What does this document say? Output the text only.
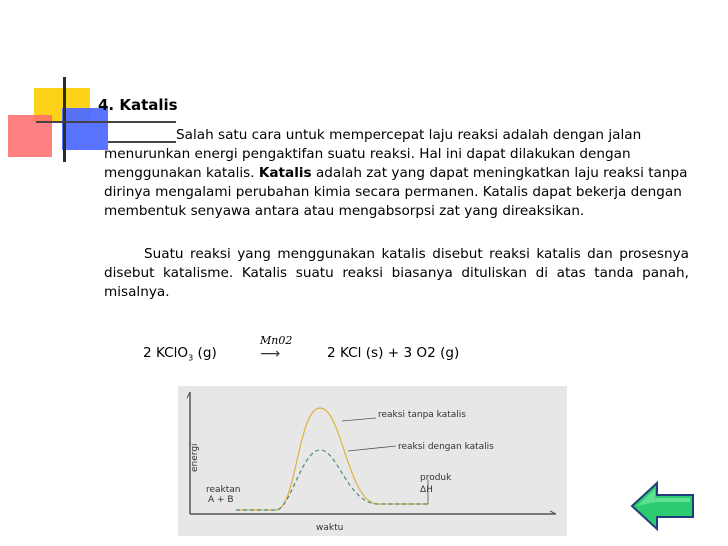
4. Katalis
Salah satu cara untuk mempercepat laju reaksi adalah dengan jalan menurunkan energi pengaktifan suatu reaksi. Hal ini dapat dilakukan dengan menggunakan katalis. Katalis adalah zat yang dapat meningkatkan laju reaksi tanpa dirinya mengalami perubahan kimia secara permanen. Katalis dapat bekerja dengan membentuk senyawa antara atau mengabsorpsi zat yang direaksikan.
Suatu reaksi yang menggunakan katalis disebut reaksi katalis dan prosesnya disebut katalisme. Katalis suatu reaksi biasanya dituliskan di atas tanda panah, misalnya.
2 KClO$_3$ (g)
Mn02
⟶	2 KCl (s) + 3 O2 (g)
reaksi tanpa katalis
reaksi dengan katalis
produk
ΔH
reaktan
A + B
waktu
energi
